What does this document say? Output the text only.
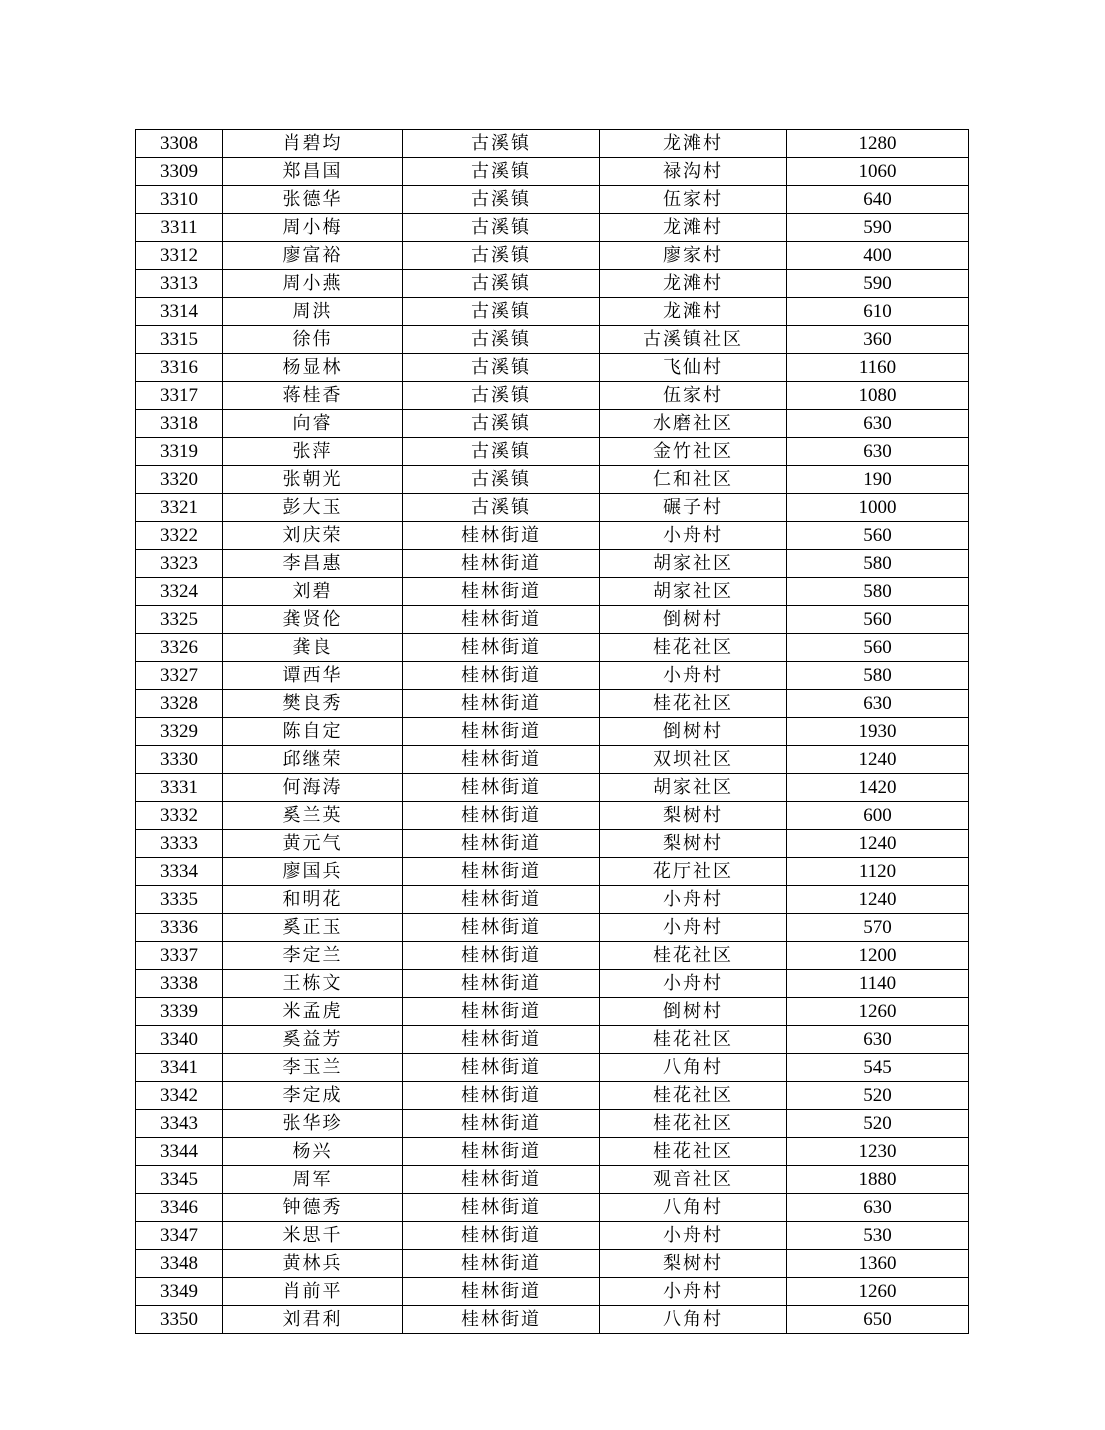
3308	肖碧均	古溪镇	龙滩村	1280
3309	郑昌国	古溪镇	禄沟村	1060
3310	张德华	古溪镇	伍家村	640
3311	周小梅	古溪镇	龙滩村	590
3312	廖富裕	古溪镇	廖家村	400
3313	周小燕	古溪镇	龙滩村	590
3314	周洪	古溪镇	龙滩村	610
3315	徐伟	古溪镇	古溪镇社区	360
3316	杨显林	古溪镇	飞仙村	1160
3317	蒋桂香	古溪镇	伍家村	1080
3318	向睿	古溪镇	水磨社区	630
3319	张萍	古溪镇	金竹社区	630
3320	张朝光	古溪镇	仁和社区	190
3321	彭大玉	古溪镇	碾子村	1000
3322	刘庆荣	桂林街道	小舟村	560
3323	李昌惠	桂林街道	胡家社区	580
3324	刘碧	桂林街道	胡家社区	580
3325	龚贤伦	桂林街道	倒树村	560
3326	龚良	桂林街道	桂花社区	560
3327	谭西华	桂林街道	小舟村	580
3328	樊良秀	桂林街道	桂花社区	630
3329	陈自定	桂林街道	倒树村	1930
3330	邱继荣	桂林街道	双坝社区	1240
3331	何海涛	桂林街道	胡家社区	1420
3332	奚兰英	桂林街道	梨树村	600
3333	黄元气	桂林街道	梨树村	1240
3334	廖国兵	桂林街道	花厅社区	1120
3335	和明花	桂林街道	小舟村	1240
3336	奚正玉	桂林街道	小舟村	570
3337	李定兰	桂林街道	桂花社区	1200
3338	王栋文	桂林街道	小舟村	1140
3339	米孟虎	桂林街道	倒树村	1260
3340	奚益芳	桂林街道	桂花社区	630
3341	李玉兰	桂林街道	八角村	545
3342	李定成	桂林街道	桂花社区	520
3343	张华珍	桂林街道	桂花社区	520
3344	杨兴	桂林街道	桂花社区	1230
3345	周军	桂林街道	观音社区	1880
3346	钟德秀	桂林街道	八角村	630
3347	米思千	桂林街道	小舟村	530
3348	黄林兵	桂林街道	梨树村	1360
3349	肖前平	桂林街道	小舟村	1260
3350	刘君利	桂林街道	八角村	650
